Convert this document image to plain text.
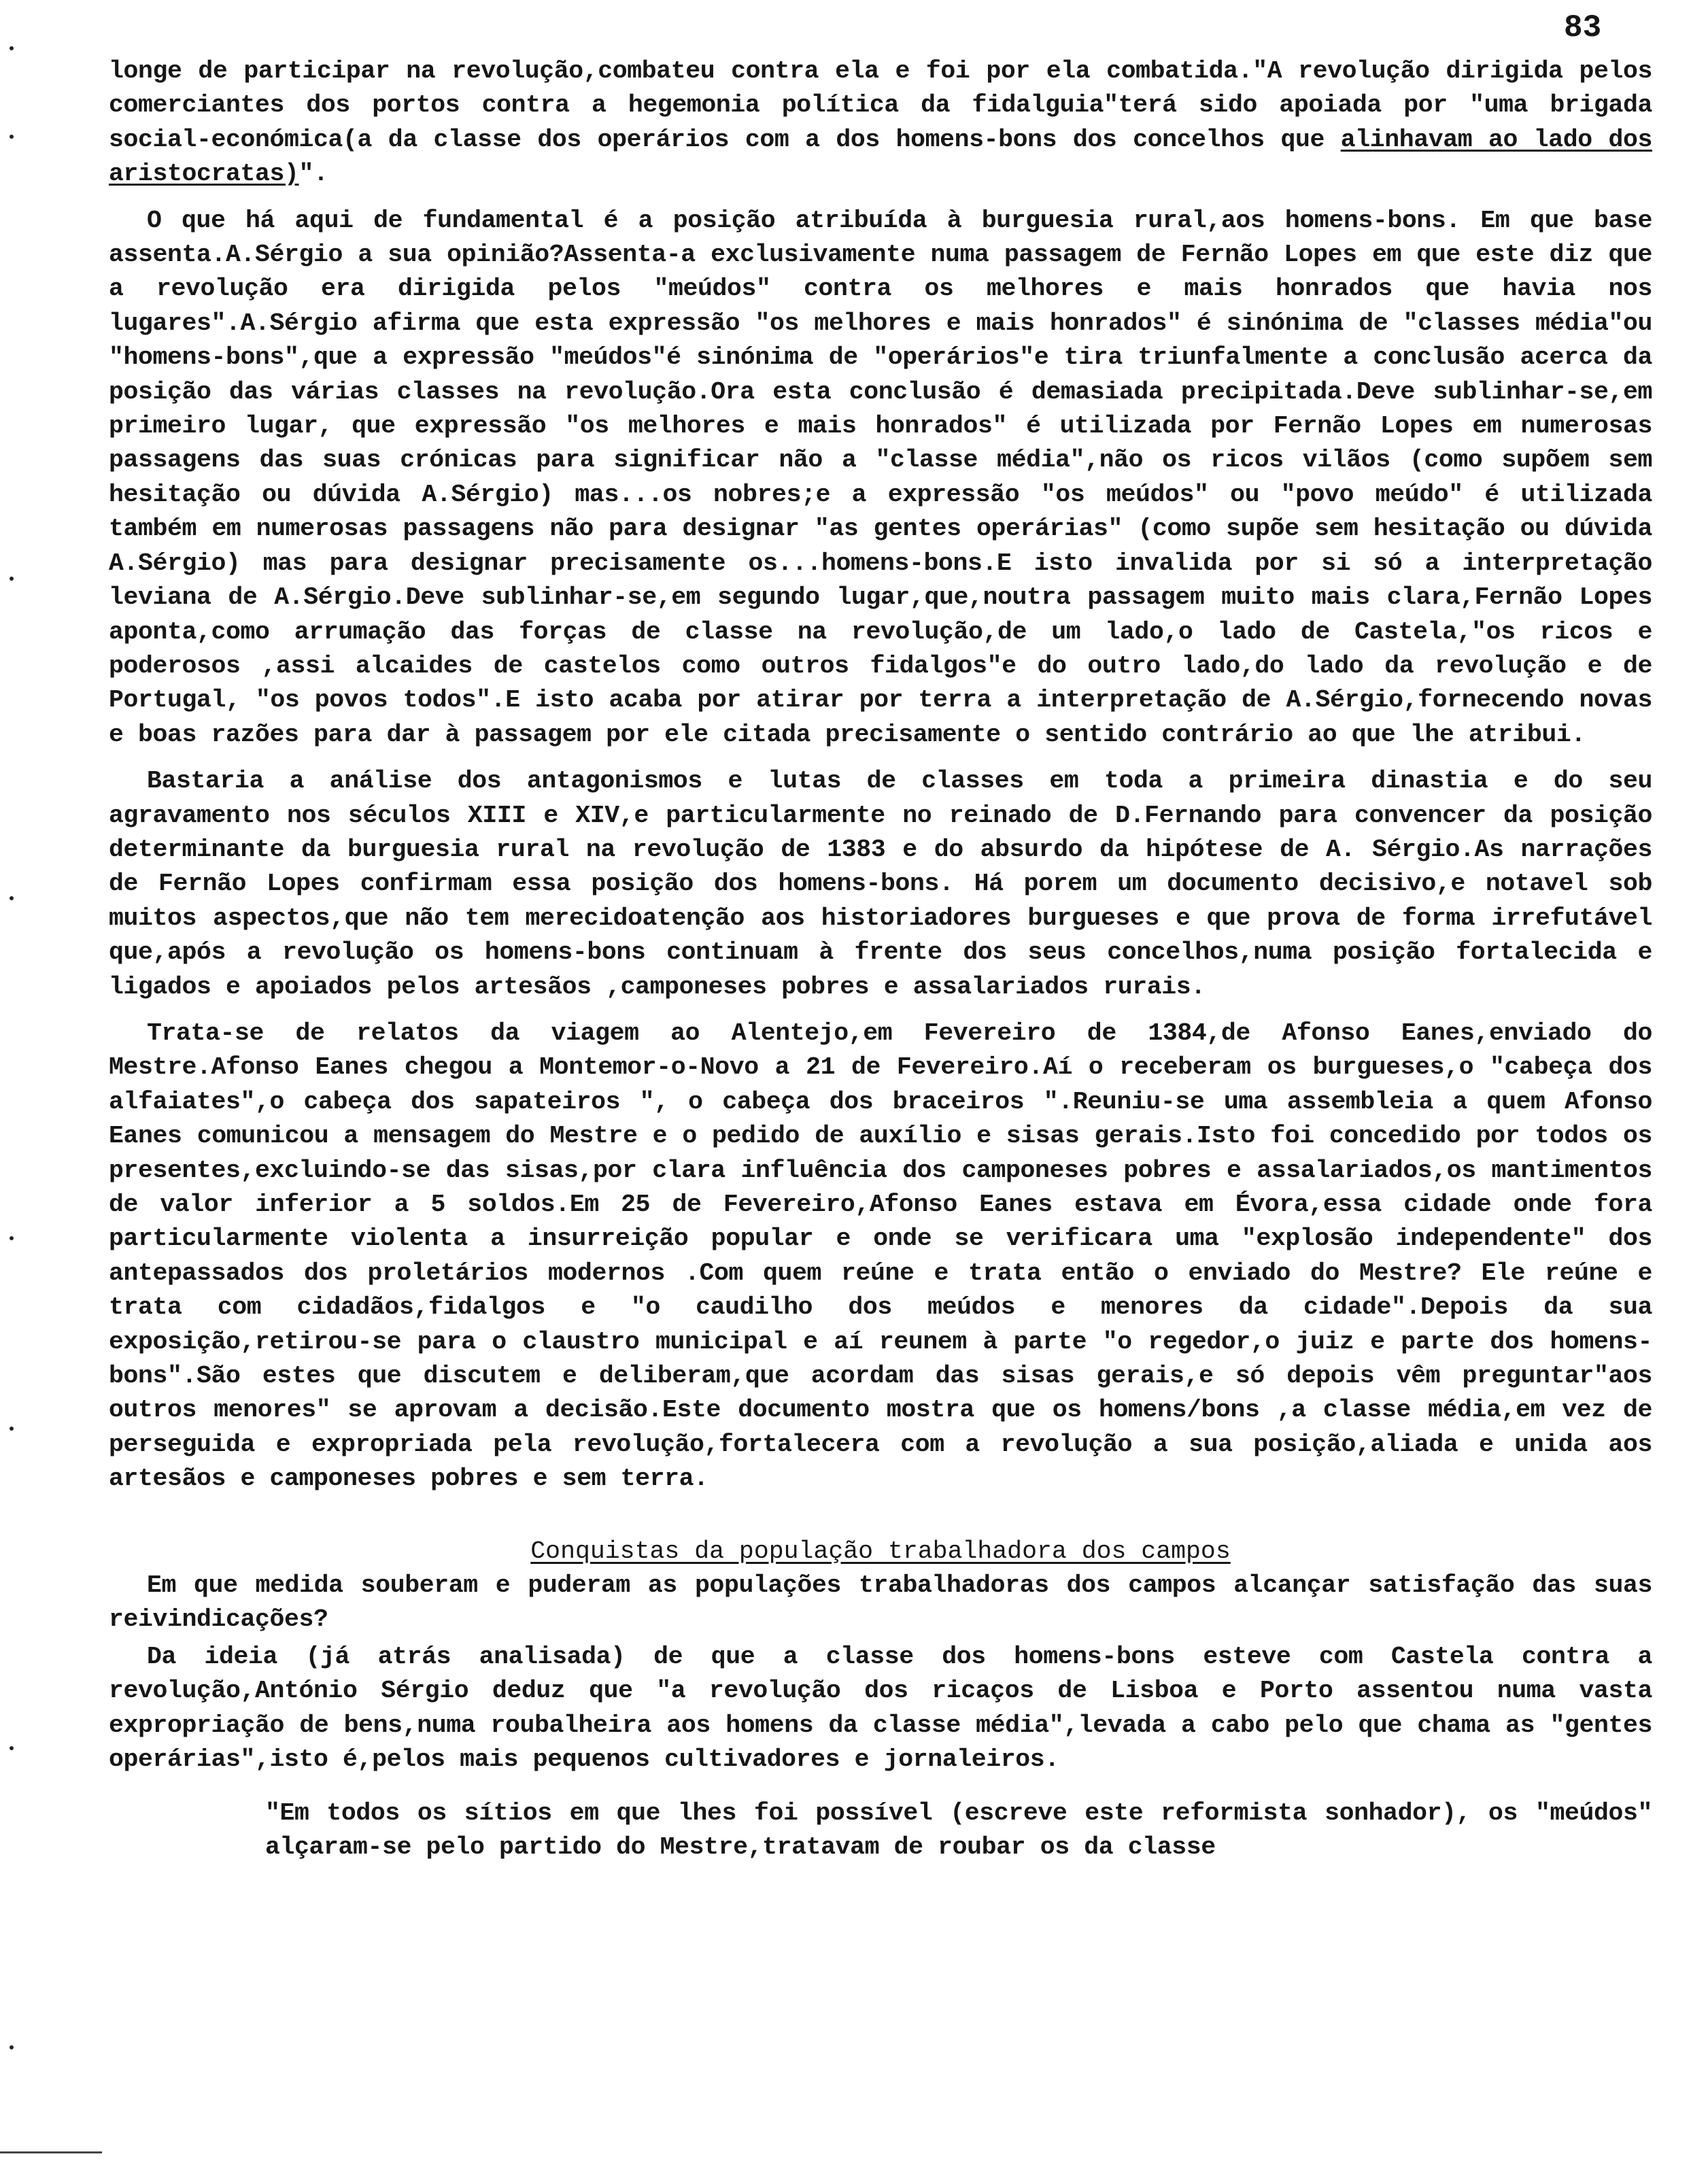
83

longe de participar na revolução,combateu contra ela e foi por ela combatida."A revolução dirigida pelos comerciantes dos portos contra a hegemonia política da fidalguia"terá sido apoiada por "uma brigada social-económica(a da classe dos operários com a dos homens-bons dos concelhos que alinhavam ao lado dos aristocratas)".

O que há aqui de fundamental é a posição atribuída à burguesia rural,aos homens-bons. Em que base assenta.A.Sérgio a sua opinião?Assenta-a exclusivamente numa passagem de Fernão Lopes em que este diz que a revolução era dirigida pelos "meúdos" contra os melhores e mais honrados que havia nos lugares".A.Sérgio afirma que esta expressão "os melhores e mais honrados" é sinónima de "classes média"ou "homens-bons",que a expressão "meúdos"é sinónima de "operários"e tira triunfalmente a conclusão acerca da posição das várias classes na revolução.Ora esta conclusão é demasiada precipitada.Deve sublinhar-se,em primeiro lugar, que expressão "os melhores e mais honrados" é utilizada por Fernão Lopes em numerosas passagens das suas crónicas para significar não a "classe média",não os ricos vilãos (como supõem sem hesitação ou dúvida A.Sérgio) mas...os nobres;e a expressão "os meúdos" ou "povo meúdo" é utilizada também em numerosas passagens não para designar "as gentes operárias" (como supõe sem hesitação ou dúvida A.Sérgio) mas para designar precisamente os...homens-bons.E isto invalida por si só a interpretação leviana de A.Sérgio.Deve sublinhar-se,em segundo lugar,que,noutra passagem muito mais clara,Fernão Lopes aponta,como arrumação das forças de classe na revolução,de um lado,o lado de Castela,"os ricos e poderosos ,assi alcaides de castelos como outros fidalgos"e do outro lado,do lado da revolução e de Portugal, "os povos todos".E isto acaba por atirar por terra a interpretação de A.Sérgio,fornecendo novas e boas razões para dar à passagem por ele citada precisamente o sentido contrário ao que lhe atribui.

Bastaria a análise dos antagonismos e lutas de classes em toda a primeira dinastia e do seu agravamento nos séculos XIII e XIV,e particularmente no reinado de D.Fernando para convencer da posição determinante da burguesia rural na revolução de 1383 e do absurdo da hipótese de A. Sérgio.As narrações de Fernão Lopes confirmam essa posição dos homens-bons. Há porem um documento decisivo,e notavel sob muitos aspectos,que não tem merecidoatenção aos historiadores burgueses e que prova de forma irrefutável que,após a revolução os homens-bons continuam à frente dos seus concelhos,numa posição fortalecida e ligados e apoiados pelos artesãos ,camponeses pobres e assalariados rurais.

Trata-se de relatos da viagem ao Alentejo,em Fevereiro de 1384,de Afonso Eanes,enviado do Mestre.Afonso Eanes chegou a Montemor-o-Novo a 21 de Fevereiro.Aí o receberam os burgueses,o "cabeça dos alfaiates",o cabeça dos sapateiros ", o cabeça dos braceiros ".Reuniu-se uma assembleia a quem Afonso Eanes comunicou a mensagem do Mestre e o pedido de auxílio e sisas gerais.Isto foi concedido por todos os presentes,excluindo-se das sisas,por clara influência dos camponeses pobres e assalariados,os mantimentos de valor inferior a 5 soldos.Em 25 de Fevereiro,Afonso Eanes estava em Évora,essa cidade onde fora particularmente violenta a insurreição popular e onde se verificara uma "explosão independente" dos antepassados dos proletários modernos .Com quem reúne e trata então o enviado do Mestre? Ele reúne e trata com cidadãos,fidalgos e "o caudilho dos meúdos e menores da cidade".Depois da sua exposição,retirou-se para o claustro municipal e aí reunem à parte "o regedor,o juiz e parte dos homens-bons".São estes que discutem e deliberam,que acordam das sisas gerais,e só depois vêm preguntar"aos outros menores" se aprovam a decisão.Este documento mostra que os homens/bons ,a classe média,em vez de perseguida e expropriada pela revolução,fortalecera com a revolução a sua posição,aliada e unida aos artesãos e camponeses pobres e sem terra.

Conquistas da população trabalhadora dos campos

Em que medida souberam e puderam as populações trabalhadoras dos campos alcançar satisfação das suas reivindicações?

Da ideia (já atrás analisada) de que a classe dos homens-bons esteve com Castela contra a revolução,António Sérgio deduz que "a revolução dos ricaços de Lisboa e Porto assentou numa vasta expropriação de bens,numa roubalheira aos homens da classe média",levada a cabo pelo que chama as "gentes operárias",isto é,pelos mais pequenos cultivadores e jornaleiros.

"Em todos os sítios em que lhes foi possível (escreve este reformista sonhador), os "meúdos" alçaram-se pelo partido do Mestre,tratavam de roubar os da classe
